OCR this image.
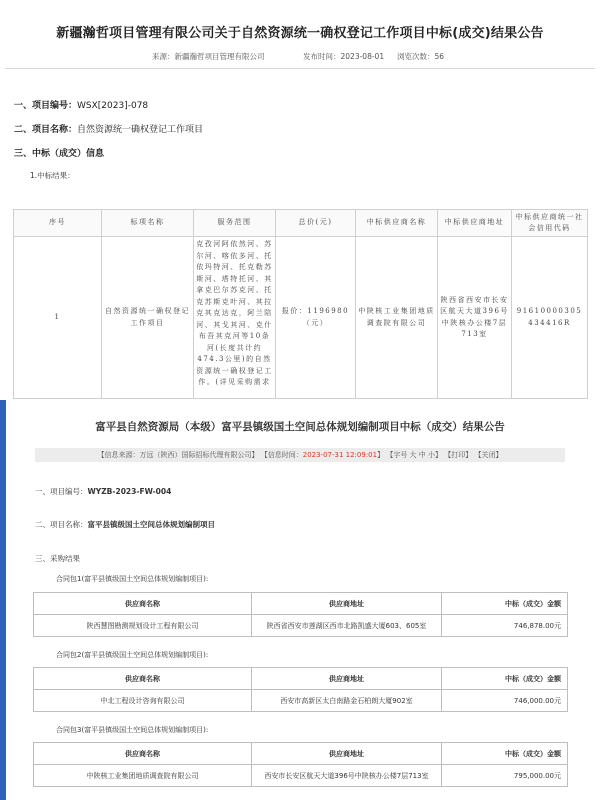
新疆瀚哲项目管理有限公司关于自然资源统一确权登记工作项目中标(成交)结果公告
来源：新疆瀚哲项目管理有限公司	发布时间：2023-08-01 浏览次数：56
一、项目编号：WSX[2023]-078
二、项目名称：自然资源统一确权登记工作项目
三、中标（成交）信息
1.中标结果：
序号	标项名称	服务范围	总价(元)	中标供应商名称	中标供应商地址	中标供应商统一社会信用代码
1	自然资源统一确权登记工作项目	克孜河阿依然河、苏尔河、喀依多河、托依玛特河、托克勒苏斯河、塔特托河、其拿克巴尔苏克河、托克苏斯克叶河、其拉克其克达克，阿兰陪河、其戈其河、克什布吾其克河等10条河(长度共计约474.3公里)的自然资源统一确权登记工作。(详见采购需求	报价：1196980（元）	中陕核工业集团地质调查院有限公司	陕西省西安市长安区航天大道396号中陕核办公楼7层713室	91610000305434416R
富平县自然资源局（本级）富平县镇级国土空间总体规划编制项目中标（成交）结果公告
【信息来源：万远（陕西）国际招标代理有限公司】 【信息时间：2023-07-31 12:09:01】 【字号 大 中 小】 【打印】 【关闭】
一、项目编号：WYZB-2023-FW-004
二、项目名称：富平县镇级国土空间总体规划编制项目
三、采购结果
合同包1(富平县镇级国土空间总体规划编制项目):
供应商名称	供应商地址	中标（成交）金额
陕西慧图勘测规划设计工程有限公司	陕西省西安市莲湖区西市北路凯盛大厦603、605室	746,878.00元
合同包2(富平县镇级国土空间总体规划编制项目):
供应商名称	供应商地址	中标（成交）金额
中北工程设计咨询有限公司	西安市高新区太白南路金石柏朗大厦902室	746,000.00元
合同包3(富平县镇级国土空间总体规划编制项目):
供应商名称	供应商地址	中标（成交）金额
中陕核工业集团地质调查院有限公司	西安市长安区航天大道396号中陕核办公楼7层713室	795,000.00元
